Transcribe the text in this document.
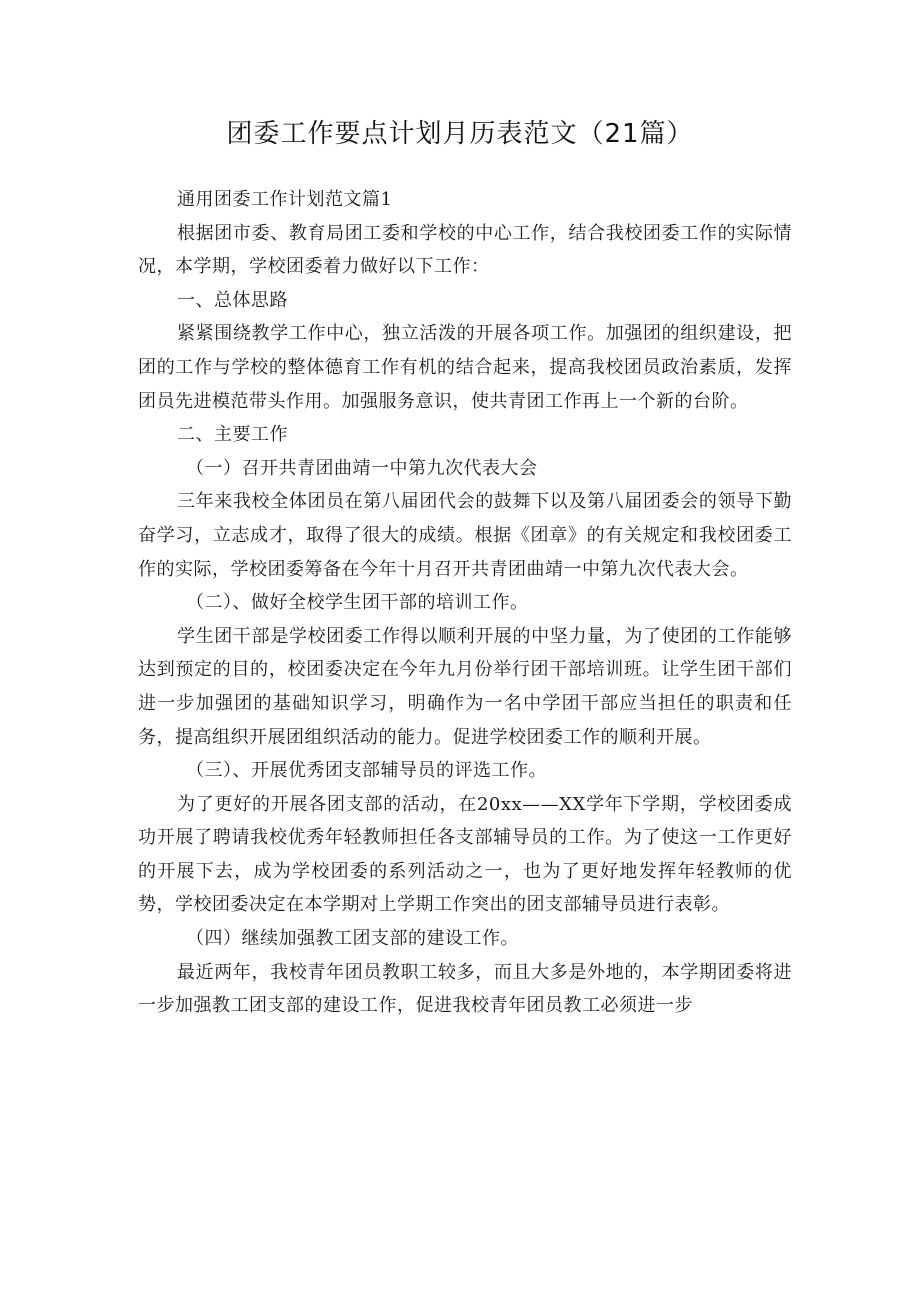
团委工作要点计划月历表范文（21篇）

通用团委工作计划范文篇1

根据团市委、教育局团工委和学校的中心工作，结合我校团委工作的实际情况，本学期，学校团委着力做好以下工作：

一、总体思路

紧紧围绕教学工作中心，独立活泼的开展各项工作。加强团的组织建设，把团的工作与学校的整体德育工作有机的结合起来，提高我校团员政治素质，发挥团员先进模范带头作用。加强服务意识，使共青团工作再上一个新的台阶。

二、主要工作

（一）召开共青团曲靖一中第九次代表大会

三年来我校全体团员在第八届团代会的鼓舞下以及第八届团委会的领导下勤奋学习，立志成才，取得了很大的成绩。根据《团章》的有关规定和我校团委工作的实际，学校团委筹备在今年十月召开共青团曲靖一中第九次代表大会。

（二）、做好全校学生团干部的培训工作。

学生团干部是学校团委工作得以顺利开展的中坚力量，为了使团的工作能够达到预定的目的，校团委决定在今年九月份举行团干部培训班。让学生团干部们进一步加强团的基础知识学习，明确作为一名中学团干部应当担任的职责和任务，提高组织开展团组织活动的能力。促进学校团委工作的顺利开展。

（三）、开展优秀团支部辅导员的评选工作。

为了更好的开展各团支部的活动，在20xx——XX学年下学期，学校团委成功开展了聘请我校优秀年轻教师担任各支部辅导员的工作。为了使这一工作更好的开展下去，成为学校团委的系列活动之一，也为了更好地发挥年轻教师的优势，学校团委决定在本学期对上学期工作突出的团支部辅导员进行表彰。

（四）继续加强教工团支部的建设工作。

最近两年，我校青年团员教职工较多，而且大多是外地的，本学期团委将进一步加强教工团支部的建设工作，促进我校青年团员教工必须进一步
